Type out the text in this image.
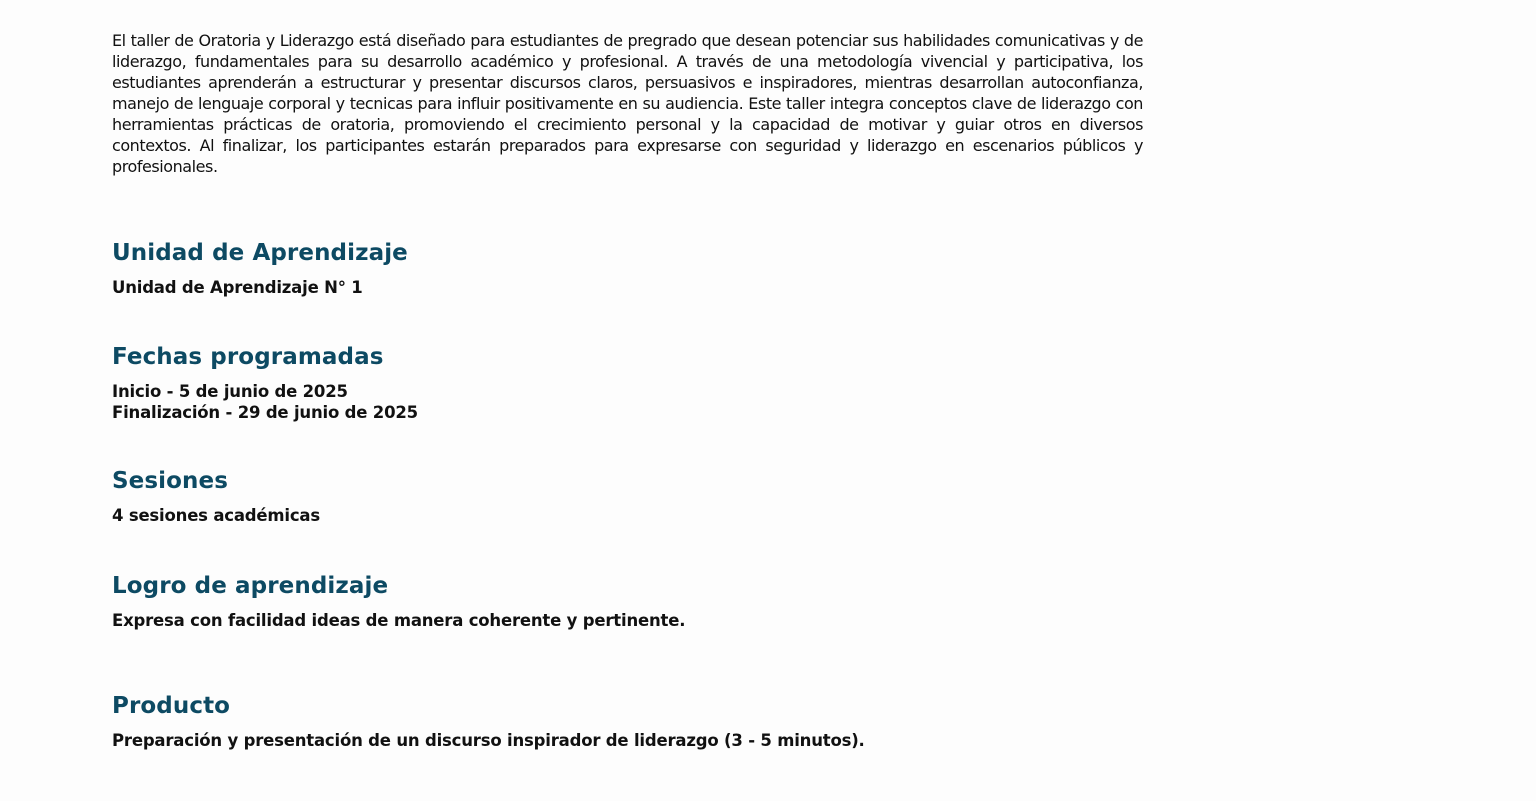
El taller de Oratoria y Liderazgo está diseñado para estudiantes de pregrado que desean potenciar sus habilidades comunicativas y de liderazgo, fundamentales para su desarrollo académico y profesional. A través de una metodología vivencial y participativa, los estudiantes aprenderán a estructurar y presentar discursos claros, persuasivos e inspiradores, mientras desarrollan autoconfianza, manejo de lenguaje corporal y tecnicas para influir positivamente en su audiencia. Este taller integra conceptos clave de liderazgo con herramientas prácticas de oratoria, promoviendo el crecimiento personal y la capacidad de motivar y guiar otros en diversos contextos. Al finalizar, los participantes estarán preparados para expresarse con seguridad y liderazgo en escenarios públicos y profesionales.

Unidad de Aprendizaje
Unidad de Aprendizaje N° 1
Fechas programadas
Inicio - 5 de junio de 2025
Finalización - 29 de junio de 2025
Sesiones
4 sesiones académicas
Logro de aprendizaje
Expresa con facilidad ideas de manera coherente y pertinente.
Producto
Preparación y presentación de un discurso inspirador de liderazgo (3 - 5 minutos).
